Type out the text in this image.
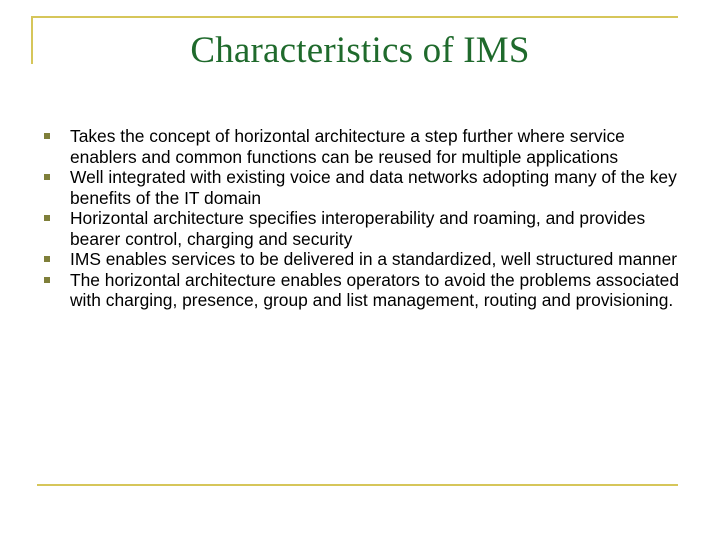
Characteristics of IMS
Takes the concept of horizontal architecture a step further where service enablers and common functions can be reused for multiple applications
Well integrated with existing voice and data networks adopting many of the key benefits of the IT domain
Horizontal architecture specifies interoperability and roaming, and provides bearer control, charging and security
IMS enables services to be delivered in a standardized, well structured manner
The horizontal architecture enables operators to avoid the problems associated with charging, presence, group and list management, routing and provisioning.
